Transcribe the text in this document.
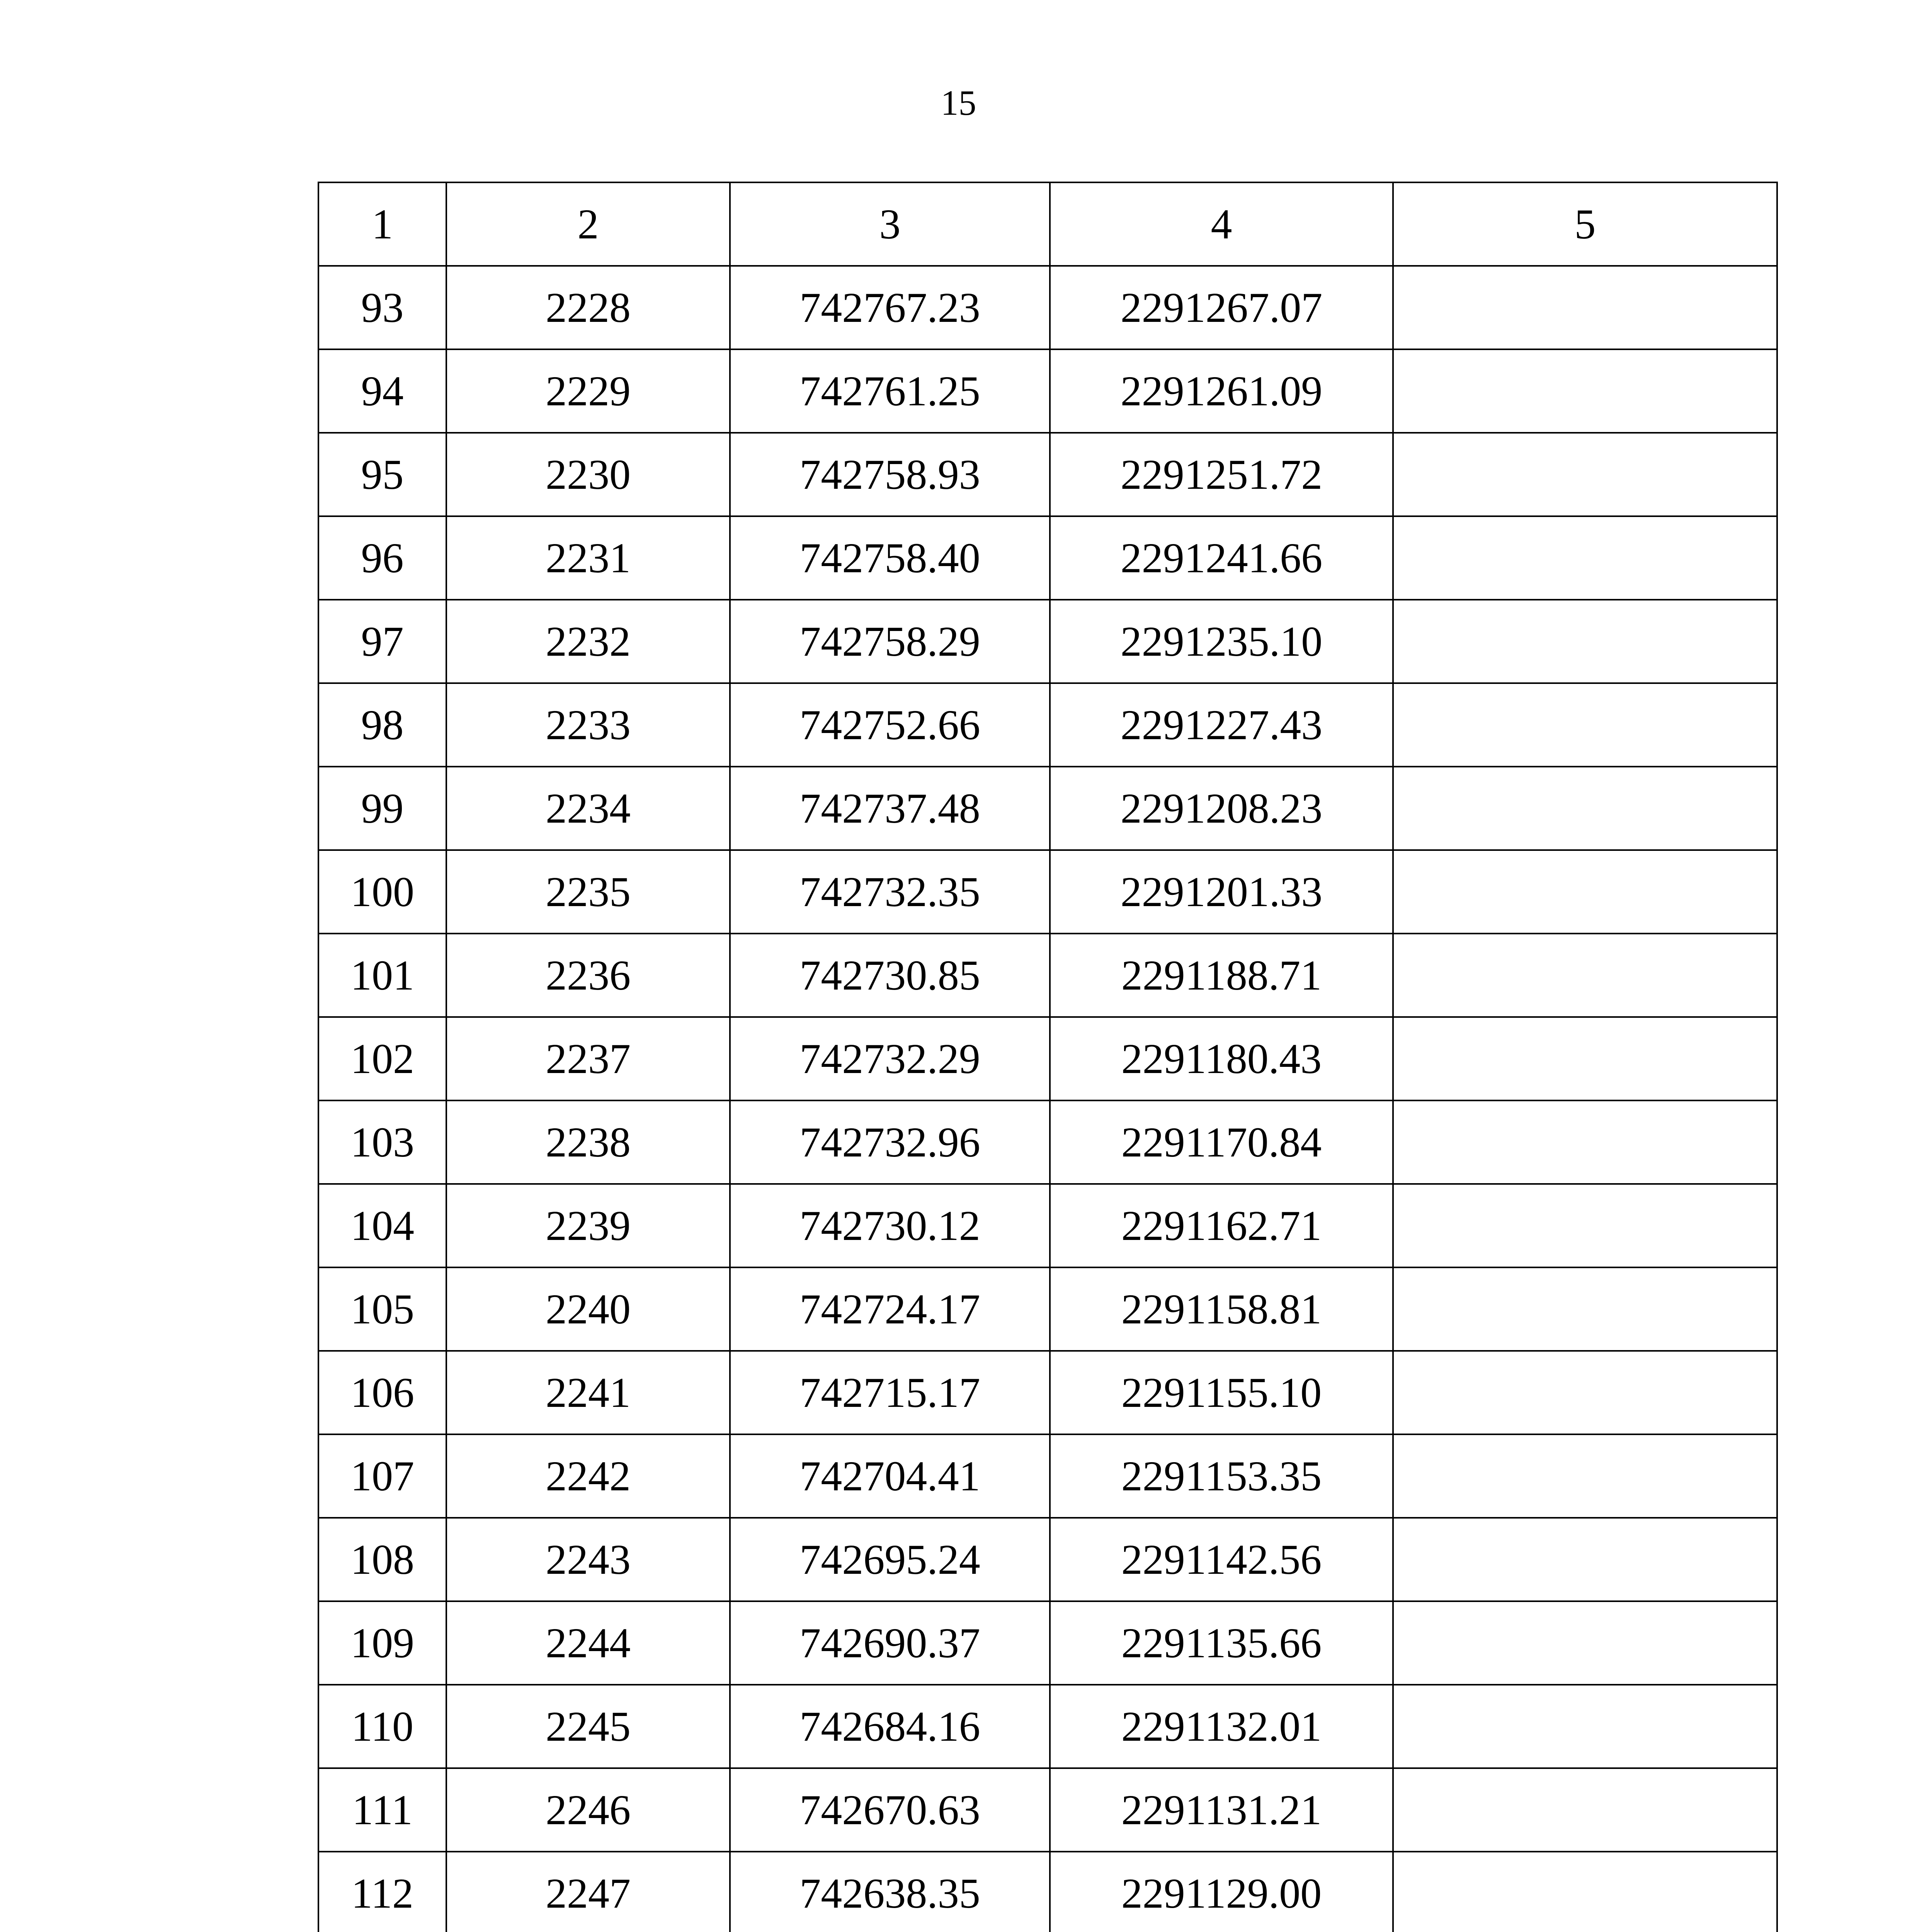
15
1	2	3	4	5
93	2228	742767.23	2291267.07	
94	2229	742761.25	2291261.09	
95	2230	742758.93	2291251.72	
96	2231	742758.40	2291241.66	
97	2232	742758.29	2291235.10	
98	2233	742752.66	2291227.43	
99	2234	742737.48	2291208.23	
100	2235	742732.35	2291201.33	
101	2236	742730.85	2291188.71	
102	2237	742732.29	2291180.43	
103	2238	742732.96	2291170.84	
104	2239	742730.12	2291162.71	
105	2240	742724.17	2291158.81	
106	2241	742715.17	2291155.10	
107	2242	742704.41	2291153.35	
108	2243	742695.24	2291142.56	
109	2244	742690.37	2291135.66	
110	2245	742684.16	2291132.01	
111	2246	742670.63	2291131.21	
112	2247	742638.35	2291129.00	
